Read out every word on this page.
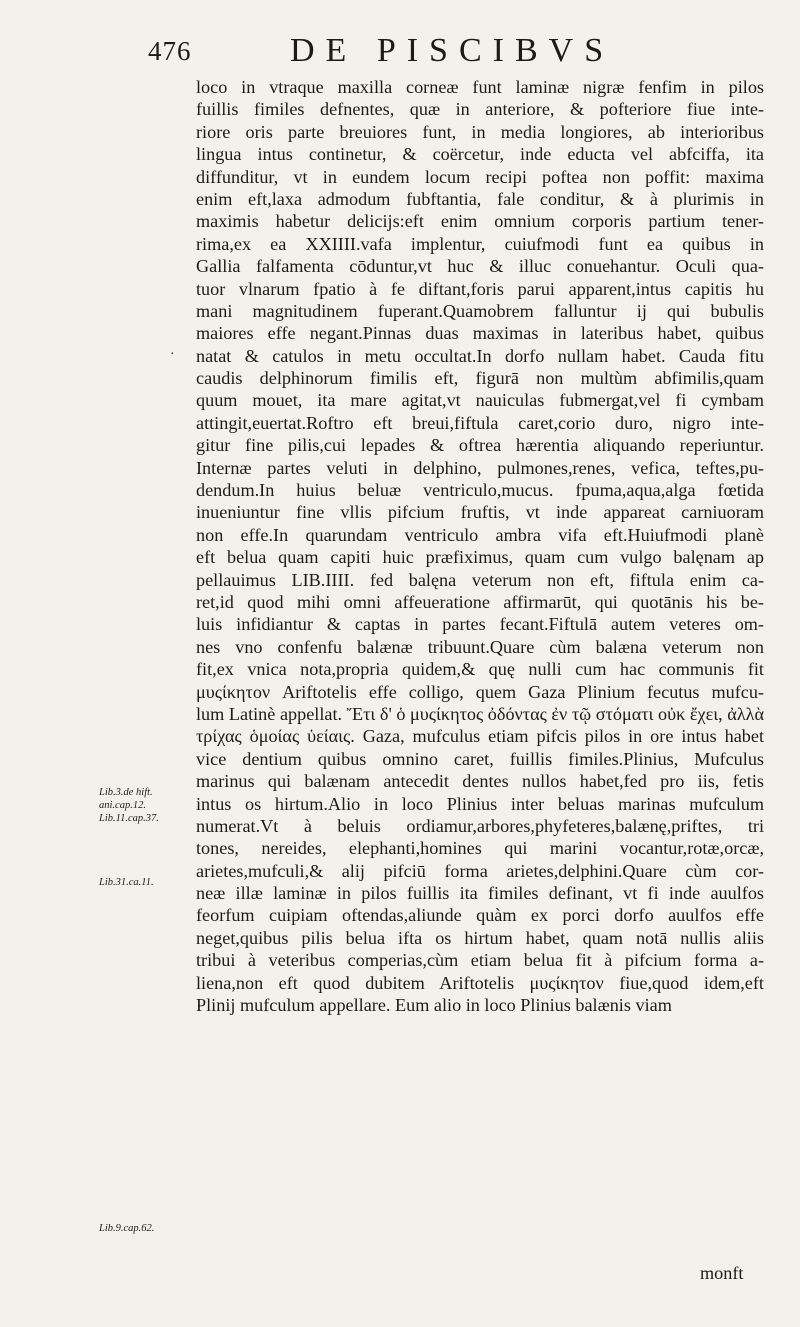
476	DE PISCIBVS
loco in vtraque maxilla corneæ funt laminæ nigræ fenfim in pilos
fuillis fimiles defnentes, quæ in anteriore, & pofteriore fiue inte-
riore oris parte breuiores funt, in media longiores, ab interioribus
lingua intus continetur, & coërcetur, inde educta vel abfciffa, ita
diffunditur, vt in eundem locum recipi poftea non poffit: maxima
enim eft,laxa admodum fubftantia, fale conditur, & à plurimis in
maximis habetur delicijs:eft enim omnium corporis partium tener-
rima,ex ea XXIIII.vafa implentur, cuiufmodi funt ea quibus in
Gallia falfamenta cōduntur,vt huc & illuc conuehantur. Oculi qua-
tuor vlnarum fpatio à fe diftant,foris parui apparent,intus capitis hu
mani magnitudinem fuperant.Quamobrem falluntur ij qui bubulis
maiores effe negant.Pinnas duas maximas in lateribus habet, quibus
natat & catulos in metu occultat.In dorfo nullam habet. Cauda fitu
caudis delphinorum fimilis eft, figurā non multùm abfimilis,quam
quum mouet, ita mare agitat,vt nauiculas fubmergat,vel fi cymbam
attingit,euertat.Roftro eft breui,fiftula caret,corio duro, nigro inte-
gitur fine pilis,cui lepades & oftrea hærentia aliquando reperiuntur.
Internæ partes veluti in delphino, pulmones,renes, vefica, teftes,pu-
dendum.In huius beluæ ventriculo,mucus. fpuma,aqua,alga fœtida
inueniuntur fine vllis pifcium fruftis, vt inde appareat carniuoram
non effe.In quarundam ventriculo ambra vifa eft.Huiufmodi planè
eft belua quam capiti huic præfiximus, quam cum vulgo balęnam ap
pellauimus LIB.IIII. fed balęna veterum non eft, fiftula enim ca-
ret,id quod mihi omni affeueratione affirmarūt, qui quotānis his be-
luis infidiantur & captas in partes fecant.Fiftulā autem veteres om-
nes vno confenfu balænæ tribuunt.Quare cùm balæna veterum non
fit,ex vnica nota,propria quidem,& quę nulli cum hac communis fit
μυςίκητον Ariftotelis effe colligo, quem Gaza Plinium fecutus mufcu-
lum Latinè appellat. Ἔτι δ' ὁ μυςίκητος ὀδόντας ἐν τῷ στόματι οὐκ ἔχει, ἀλλὰ
τρίχας ὁμοίας ὑείαις. Gaza, mufculus etiam pifcis pilos in ore intus habet
vice dentium quibus omnino caret, fuillis fimiles.Plinius, Mufculus
marinus qui balænam antecedit dentes nullos habet,fed pro iis, fetis
intus os hirtum.Alio in loco Plinius inter beluas marinas mufculum
numerat.Vt à beluis ordiamur,arbores,phyfeteres,balænę,priftes, tri
tones, nereides, elephanti,homines qui marini vocantur,rotæ,orcæ,
arietes,mufculi,& alij pifciū forma arietes,delphini.Quare cùm cor-
neæ illæ laminæ in pilos fuillis ita fimiles definant, vt fi inde auulfos
feorfum cuipiam oftendas,aliunde quàm ex porci dorfo auulfos effe
neget,quibus pilis belua ifta os hirtum habet, quam notā nullis aliis
tribui à veteribus comperias,cùm etiam belua fit à pifcium forma a-
liena,non eft quod dubitem Ariftotelis μυςίκητον fiue,quod idem,eft
Plinij mufculum appellare. Eum alio in loco Plinius balænis viam
monft
·
Lib.3.de hift.
ani.cap.12.
Lib.11.cap.37.
Lib.31.ca.11.
Lib.9.cap.62.
